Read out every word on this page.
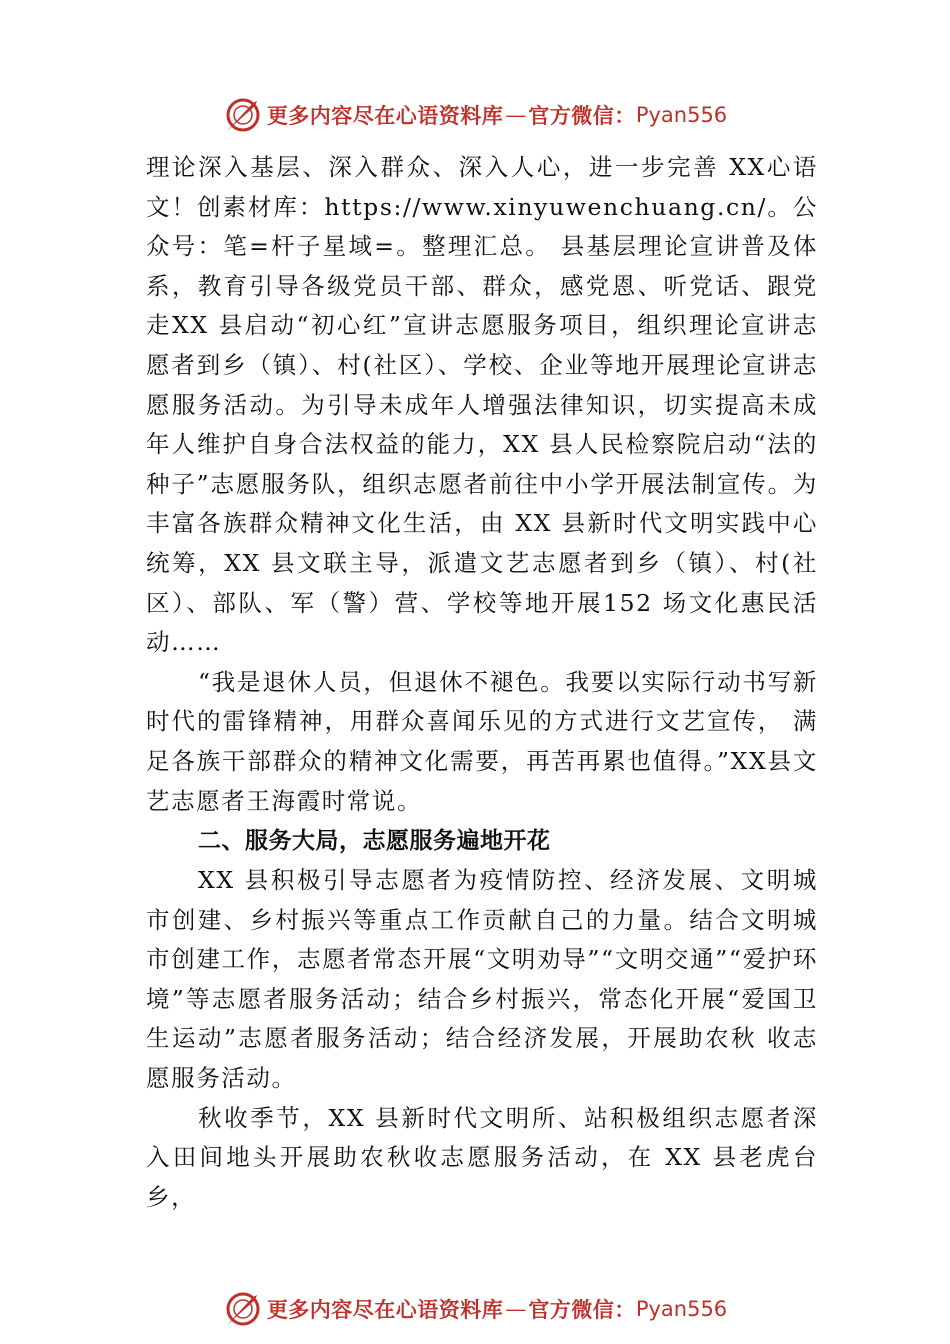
更多内容尽在心语资料库 — 官方微信： Pyan556

理论深入基层、深入群众、深入人心，进一步完善 XX心语文！创素材库：https://www.xinyuwenchuang.cn/。公众号：笔=杆子星域=。整理汇总。 县基层理论宣讲普及体系，教育引导各级党员干部、群众，感党恩、听党话、跟党走XX 县启动“初心红”宣讲志愿服务项目，组织理论宣讲志愿者到乡（镇）、村(社区）、学校、企业等地开展理论宣讲志愿服务活动。为引导未成年人增强法律知识，切实提高未成年人维护自身合法权益的能力，XX 县人民检察院启动“法的种子”志愿服务队，组织志愿者前往中小学开展法制宣传。为丰富各族群众精神文化生活，由 XX 县新时代文明实践中心统筹，XX 县文联主导，派遣文艺志愿者到乡（镇）、村(社区）、部队、军（警）营、学校等地开展152 场文化惠民活动……

“我是退休人员，但退休不褪色。我要以实际行动书写新时代的雷锋精神，用群众喜闻乐见的方式进行文艺宣传， 满足各族干部群众的精神文化需要，再苦再累也值得。”XX县文艺志愿者王海霞时常说。

二、服务大局，志愿服务遍地开花

XX 县积极引导志愿者为疫情防控、经济发展、文明城市创建、乡村振兴等重点工作贡献自己的力量。结合文明城市创建工作，志愿者常态开展“文明劝导”“文明交通”“爱护环境”等志愿者服务活动；结合乡村振兴，常态化开展“爱国卫生运动”志愿者服务活动；结合经济发展，开展助农秋 收志愿服务活动。

秋收季节，XX 县新时代文明所、站积极组织志愿者深入田间地头开展助农秋收志愿服务活动，在 XX 县老虎台乡，

更多内容尽在心语资料库 — 官方微信： Pyan556
